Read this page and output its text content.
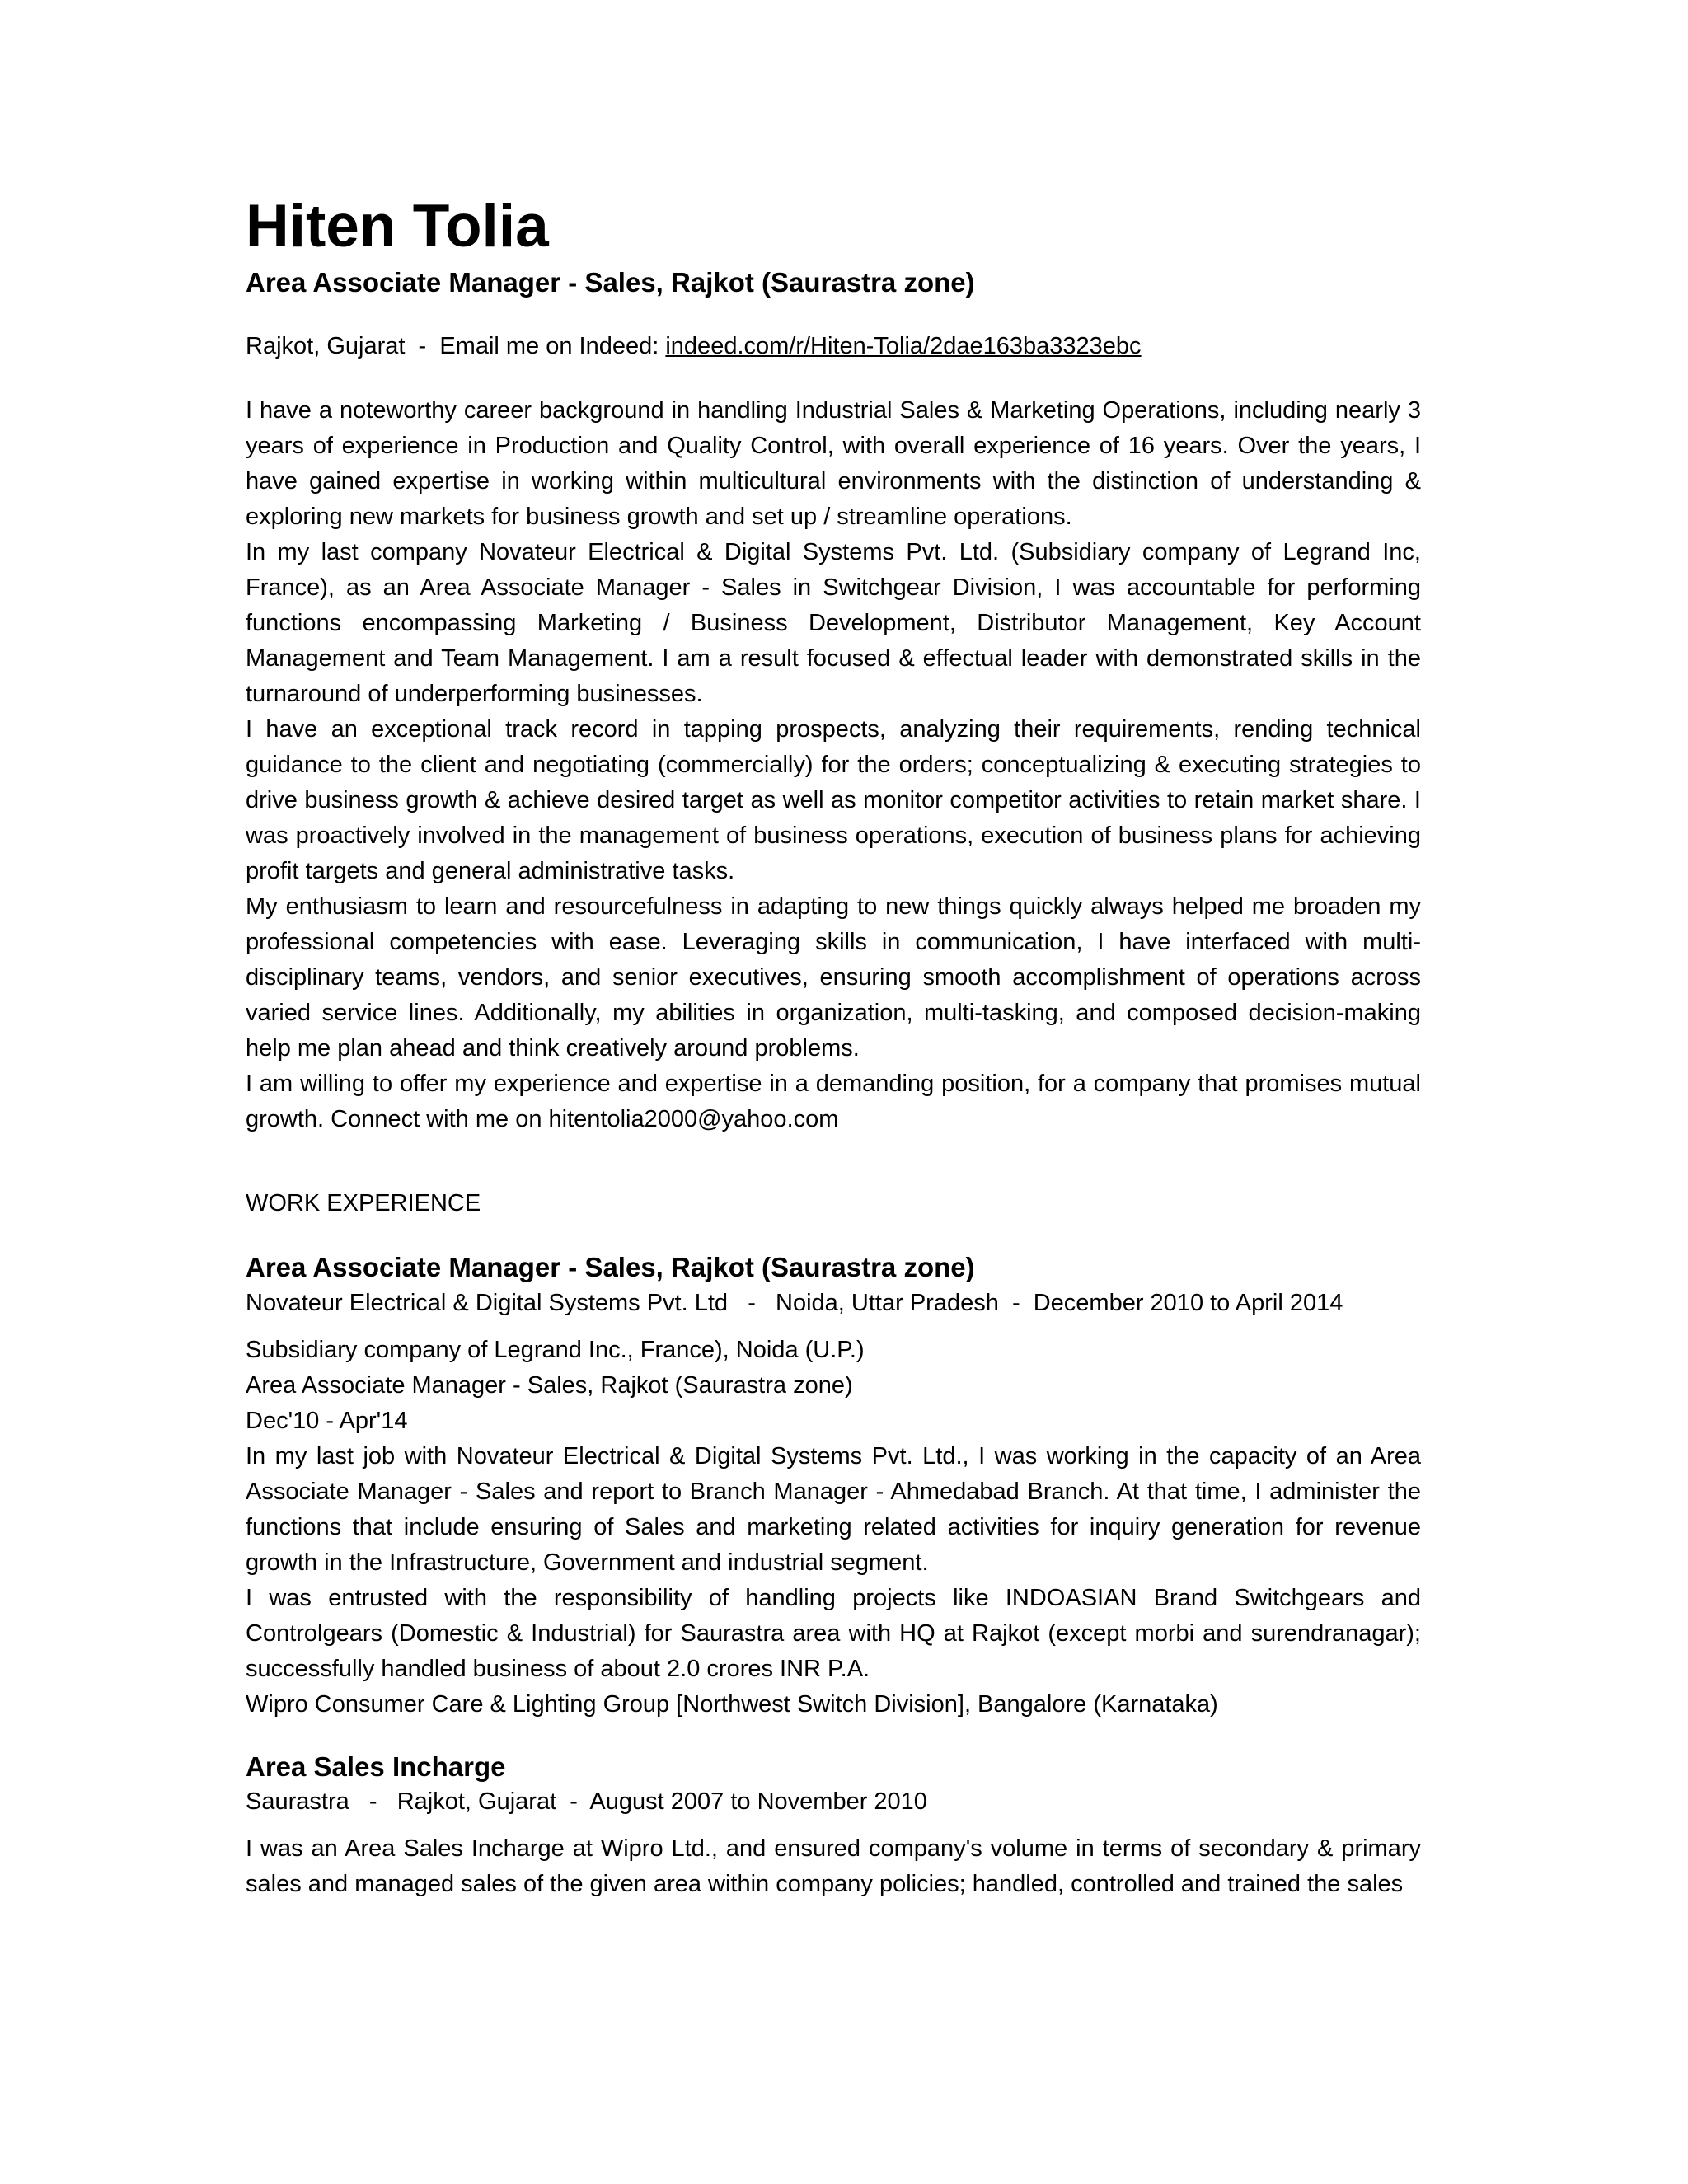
Hiten Tolia
Area Associate Manager - Sales, Rajkot (Saurastra zone)
Rajkot, Gujarat  -  Email me on Indeed: indeed.com/r/Hiten-Tolia/2dae163ba3323ebc

I have a noteworthy career background in handling Industrial Sales & Marketing Operations, including nearly 3 years of experience in Production and Quality Control, with overall experience of 16 years. Over the years, I have gained expertise in working within multicultural environments with the distinction of understanding & exploring new markets for business growth and set up / streamline operations.

In my last company Novateur Electrical & Digital Systems Pvt. Ltd. (Subsidiary company of Legrand Inc, France), as an Area Associate Manager - Sales in Switchgear Division, I was accountable for performing functions encompassing Marketing / Business Development, Distributor Management, Key Account Management and Team Management. I am a result focused & effectual leader with demonstrated skills in the turnaround of underperforming businesses.

I have an exceptional track record in tapping prospects, analyzing their requirements, rending technical guidance to the client and negotiating (commercially) for the orders; conceptualizing & executing strategies to drive business growth & achieve desired target as well as monitor competitor activities to retain market share. I was proactively involved in the management of business operations, execution of business plans for achieving profit targets and general administrative tasks.

My enthusiasm to learn and resourcefulness in adapting to new things quickly always helped me broaden my professional competencies with ease. Leveraging skills in communication, I have interfaced with multi-disciplinary teams, vendors, and senior executives, ensuring smooth accomplishment of operations across varied service lines. Additionally, my abilities in organization, multi-tasking, and composed decision-making help me plan ahead and think creatively around problems.

I am willing to offer my experience and expertise in a demanding position, for a company that promises mutual growth. Connect with me on hitentolia2000@yahoo.com

WORK EXPERIENCE
Area Associate Manager - Sales, Rajkot (Saurastra zone)
Novateur Electrical & Digital Systems Pvt. Ltd   -   Noida, Uttar Pradesh  -  December 2010 to April 2014

Subsidiary company of Legrand Inc., France), Noida (U.P.)

Area Associate Manager - Sales, Rajkot (Saurastra zone)

Dec'10 - Apr'14

In my last job with Novateur Electrical & Digital Systems Pvt. Ltd., I was working in the capacity of an Area Associate Manager - Sales and report to Branch Manager - Ahmedabad Branch. At that time, I administer the functions that include ensuring of Sales and marketing related activities for inquiry generation for revenue growth in the Infrastructure, Government and industrial segment.

I was entrusted with the responsibility of handling projects like INDOASIAN Brand Switchgears and Controlgears (Domestic & Industrial) for Saurastra area with HQ at Rajkot (except morbi and surendranagar); successfully handled business of about 2.0 crores INR P.A.

Wipro Consumer Care & Lighting Group [Northwest Switch Division], Bangalore (Karnataka)

Area Sales Incharge
Saurastra   -   Rajkot, Gujarat  -  August 2007 to November 2010

I was an Area Sales Incharge at Wipro Ltd., and ensured company's volume in terms of secondary & primary sales and managed sales of the given area within company policies; handled, controlled and trained the sales
